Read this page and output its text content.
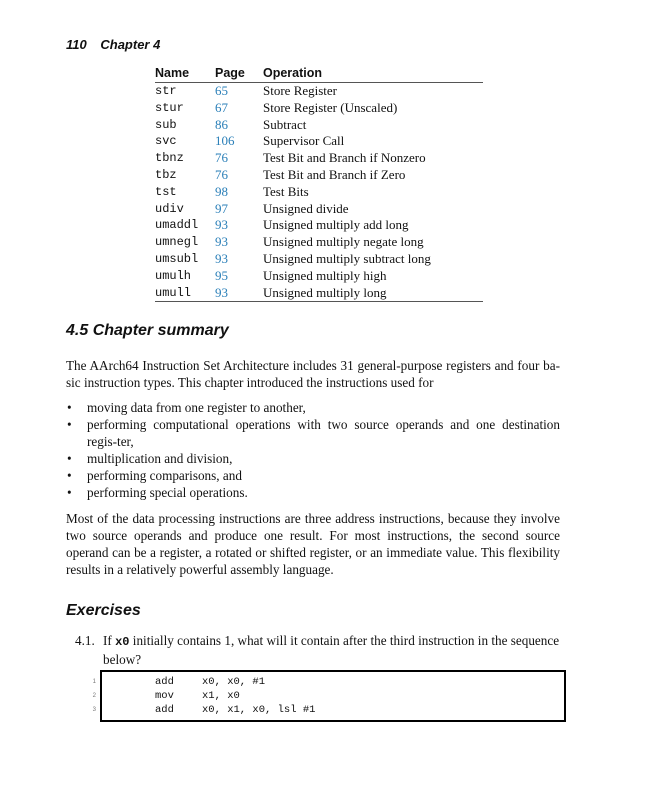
110 Chapter 4
Name	Page	Operation
str	65	Store Register
stur	67	Store Register (Unscaled)
sub	86	Subtract
svc	106	Supervisor Call
tbnz	76	Test Bit and Branch if Nonzero
tbz	76	Test Bit and Branch if Zero
tst	98	Test Bits
udiv	97	Unsigned divide
umaddl	93	Unsigned multiply add long
umnegl	93	Unsigned multiply negate long
umsubl	93	Unsigned multiply subtract long
umulh	95	Unsigned multiply high
umull	93	Unsigned multiply long
4.5 Chapter summary

The AArch64 Instruction Set Architecture includes 31 general-purpose registers and four ba-sic instruction types. This chapter introduced the instructions used for

• moving data from one register to another,
• performing computational operations with two source operands and one destination regis-ter,
• multiplication and division,
• performing comparisons, and
• performing special operations.

Most of the data processing instructions are three address instructions, because they involve two source operands and produce one result. For most instructions, the second source operand can be a register, a rotated or shifted register, or an immediate value. This flexibility results in a relatively powerful assembly language.

Exercises
4.1. If x0 initially contains 1, what will it contain after the third instruction in the sequence below?
1	add	x0, x0, #1
2	mov	x1, x0
3	add	x0, x1, x0, lsl #1
